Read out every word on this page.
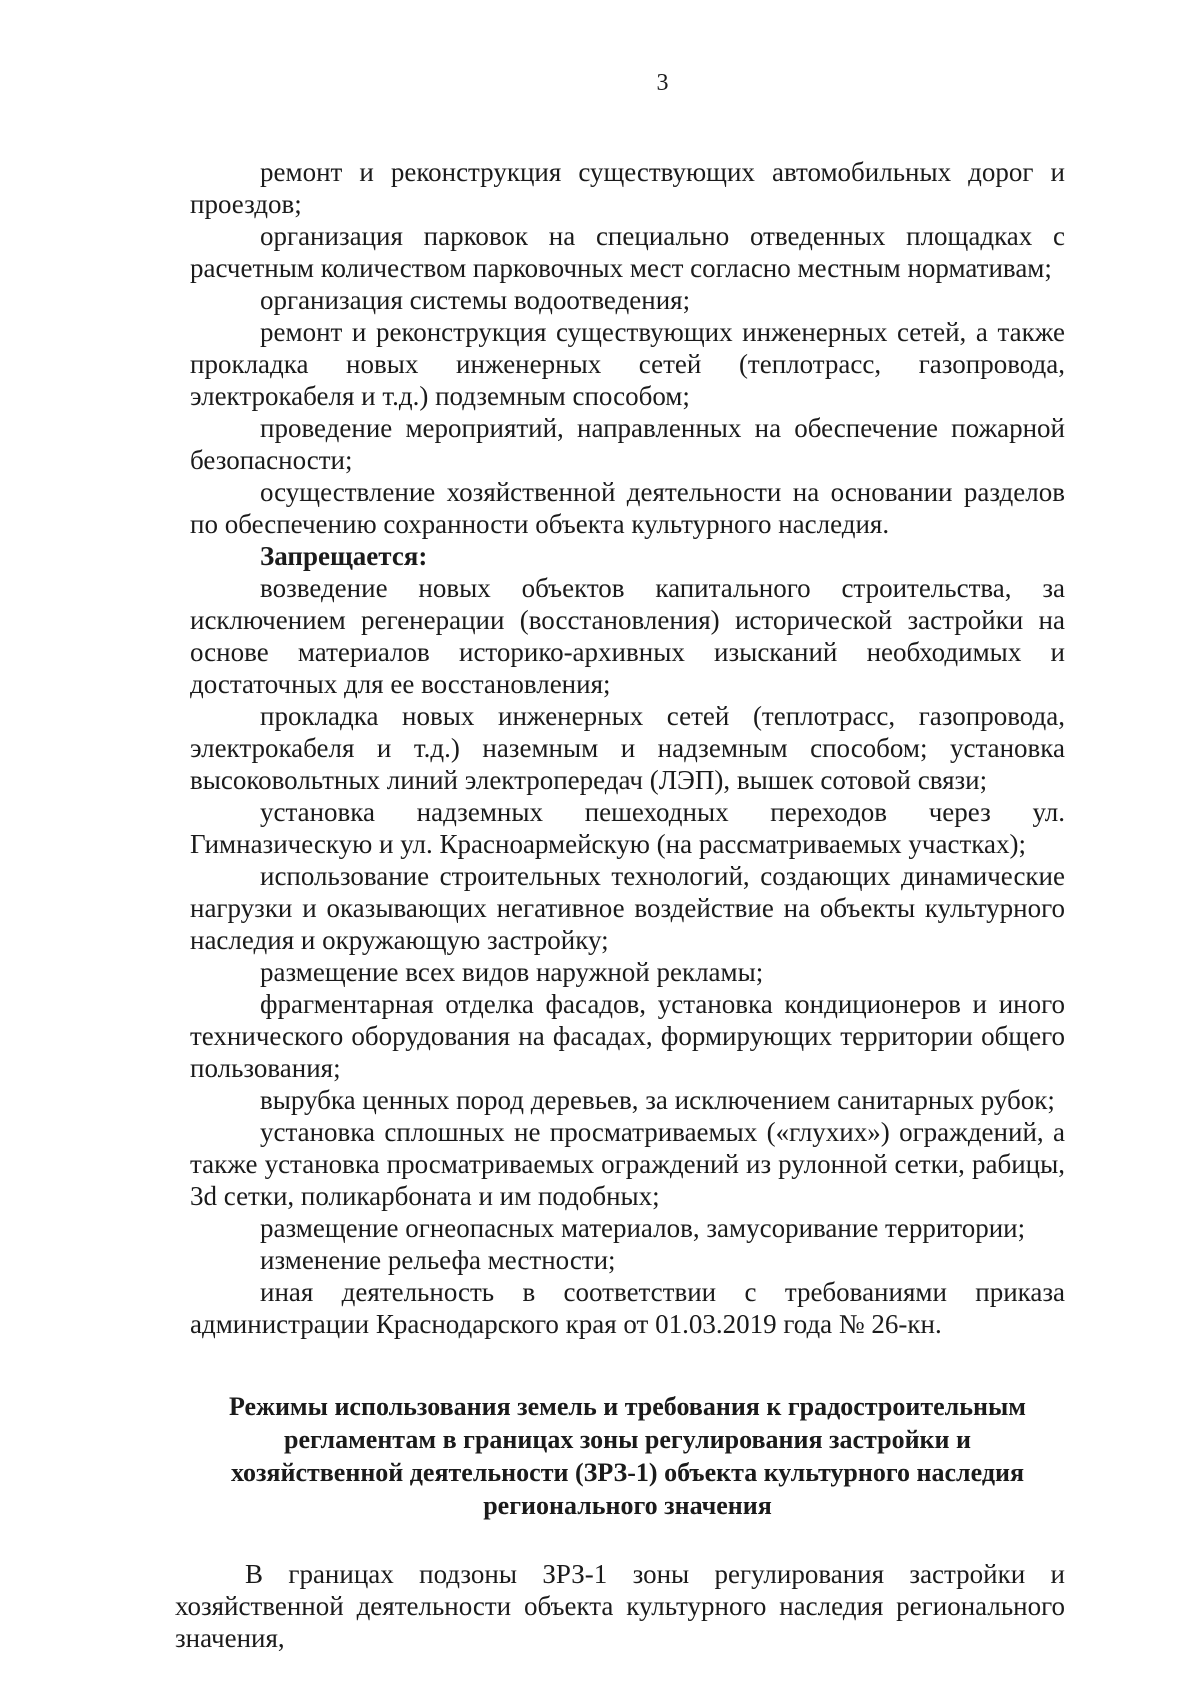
3

ремонт и реконструкция существующих автомобильных дорог и проездов;

организация парковок на специально отведенных площадках с расчетным количеством парковочных мест согласно местным нормативам;

организация системы водоотведения;

ремонт и реконструкция существующих инженерных сетей, а также прокладка новых инженерных сетей (теплотрасс, газопровода, электрокабеля и т.д.) подземным способом;

проведение мероприятий, направленных на обеспечение пожарной безопасности;

осуществление хозяйственной деятельности на основании разделов по обеспечению сохранности объекта культурного наследия.

Запрещается:

возведение новых объектов капитального строительства, за исключением регенерации (восстановления) исторической застройки на основе материалов историко-архивных изысканий необходимых и достаточных для ее восстановления;

прокладка новых инженерных сетей (теплотрасс, газопровода, электрокабеля и т.д.) наземным и надземным способом; установка высоковольтных линий электропередач (ЛЭП), вышек сотовой связи;

установка надземных пешеходных переходов через ул. Гимназическую и ул. Красноармейскую (на рассматриваемых участках);

использование строительных технологий, создающих динамические нагрузки и оказывающих негативное воздействие на объекты культурного наследия и окружающую застройку;

размещение всех видов наружной рекламы;

фрагментарная отделка фасадов, установка кондиционеров и иного технического оборудования на фасадах, формирующих территории общего пользования;

вырубка ценных пород деревьев, за исключением санитарных рубок;

установка сплошных не просматриваемых («глухих») ограждений, а также установка просматриваемых ограждений из рулонной сетки, рабицы, 3d сетки, поликарбоната и им подобных;

размещение огнеопасных материалов, замусоривание территории;

изменение рельефа местности;

иная деятельность в соответствии с требованиями приказа администрации Краснодарского края от 01.03.2019 года № 26-кн.

Режимы использования земель и требования к градостроительным регламентам в границах зоны регулирования застройки и хозяйственной деятельности (ЗРЗ-1) объекта культурного наследия регионального значения
В границах подзоны ЗРЗ-1 зоны регулирования застройки и хозяйственной деятельности объекта культурного наследия регионального значения,
